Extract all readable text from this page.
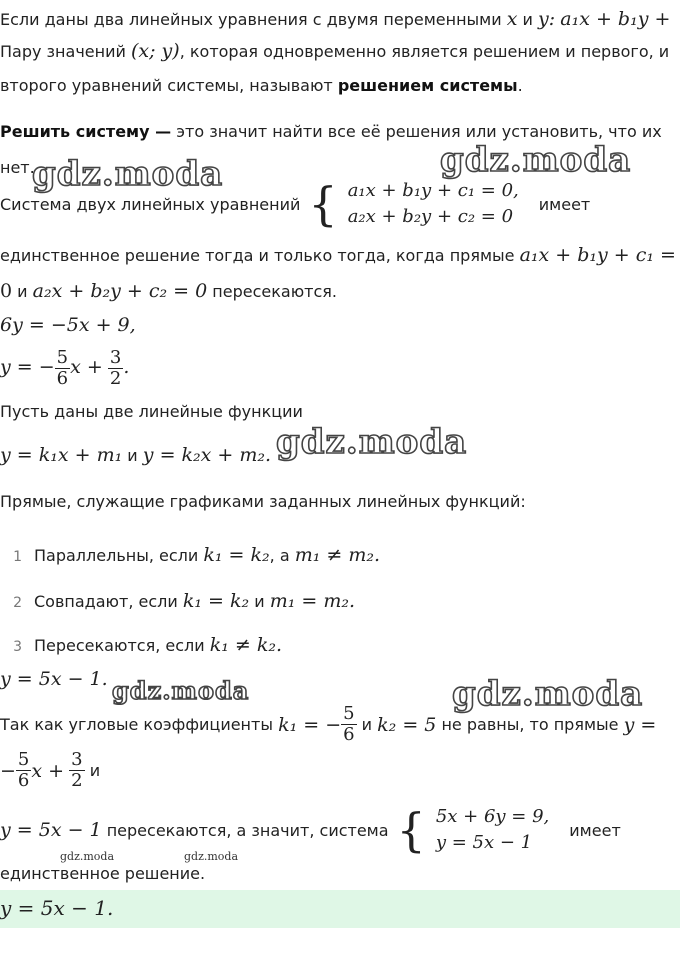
Если даны два линейных уравнения с двумя переменными x и y: a₁x + b₁y +
Пару значений (x; y), которая одновременно является решением и первого, и
второго уравнений системы, называют решением системы.
Решить систему — это значит найти все её решения или установить, что их
нет.
Система двух линейных уравнений { a₁x + b₁y + c₁ = 0,
a₂x + b₂y + c₂ = 0
имеет
единственное решение тогда и только тогда, когда прямые a₁x + b₁y + c₁ =
0 и a₂x + b₂y + c₂ = 0 пересекаются.
6y = −5x + 9,
y = − $\frac{5}{6}$ $x + \frac{3}{2}$ .
Пусть даны две линейные функции
y = k₁x + m₁ и y = k₂x + m₂.
Прямые, служащие графиками заданных линейных функций:
1 Параллельны, если k₁ = k₂, а m₁ ≠ m₂.
2 Совпадают, если k₁ = k₂ и m₁ = m₂.
3 Пересекаются, если k₁ ≠ k₂.
y = 5x − 1.
Так как угловые коэффициенты
k₁ = − $\frac{5}{6}$ и k₂ = 5 не равны, то прямые
y =
− $\frac{5}{6}$ x +
$\frac{3}{2}$ и
y = 5x − 1 пересекаются, а значит, система { 5x + 6y = 9,
y = 5x − 1
имеет
единственное решение.
y = 5x − 1.
gdz.moda	gdz.moda
gdz.moda
gdz.moda	gdz.moda
gdz.moda	gdz.moda
